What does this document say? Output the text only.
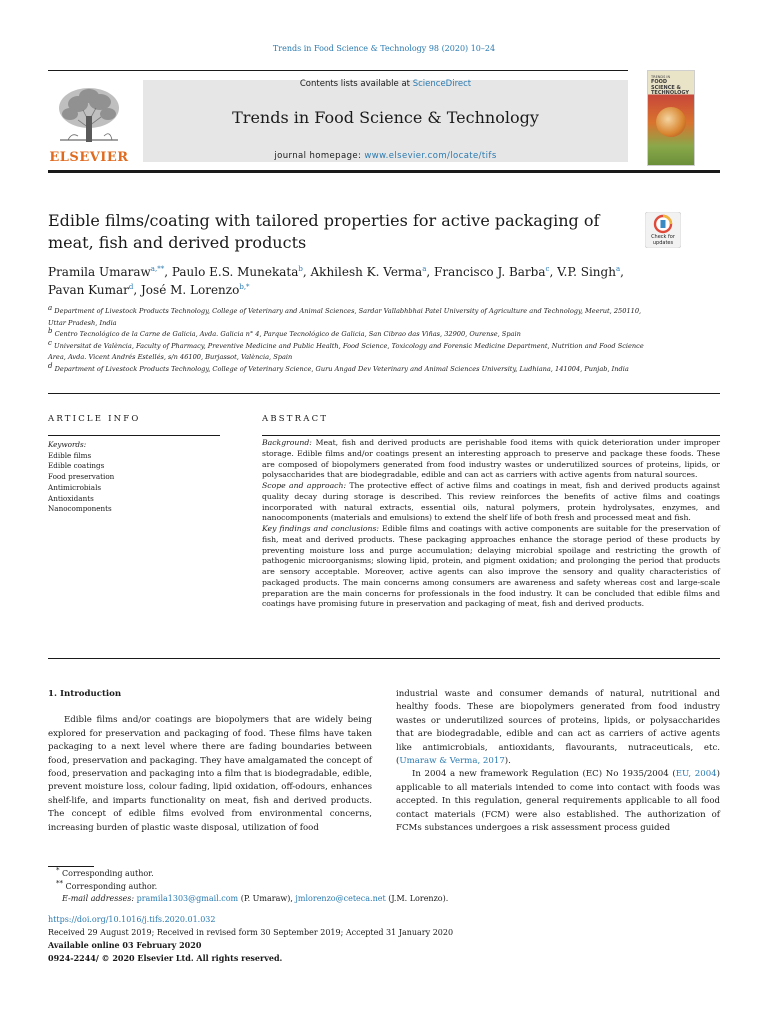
Trends in Food Science & Technology 98 (2020) 10–24
ELSEVIER
Contents lists available at ScienceDirect
Trends in Food Science & Technology
journal homepage: www.elsevier.com/locate/tifs
TRENDS IN
FOOD SCIENCE & TECHNOLOGY
Edible films/coating with tailored properties for active packaging of meat, fish and derived products	Check for updates
Pramila Umaraw$^{a,**}$, Paulo E.S. Munekata$^b$, Akhilesh K. Verma$^a$, Francisco J. Barba$^c$, V.P. Singh$^a$,
Pavan Kumar$^d$, José M. Lorenzo$^{b,*}$

$^a$ Department of Livestock Products Technology, College of Veterinary and Animal Sciences, Sardar Vallabhbhai Patel University of Agriculture and Technology, Meerut, 250110, Uttar Pradesh, India

$^b$ Centro Tecnológico de la Carne de Galicia, Avda. Galicia n° 4, Parque Tecnológico de Galicia, San Cibrao das Viñas, 32900, Ourense, Spain

$^c$ Universitat de València, Faculty of Pharmacy, Preventive Medicine and Public Health, Food Science, Toxicology and Forensic Medicine Department, Nutrition and Food Science Area, Avda. Vicent Andrés Estellés, s/n 46100, Burjassot, València, Spain

$^d$ Department of Livestock Products Technology, College of Veterinary Science, Guru Angad Dev Veterinary and Animal Sciences University, Ludhiana, 141004, Punjab, India

ARTICLE INFO	ABSTRACT
Keywords:
Edible films
Edible coatings
Food preservation
Antimicrobials
Antioxidants
Nanocomponents

Background: Meat, fish and derived products are perishable food items with quick deterioration under improper storage. Edible films and/or coatings present an interesting approach to preserve and package these foods. These are composed of biopolymers generated from food industry wastes or underutilized sources of proteins, lipids, or polysaccharides that are biodegradable, edible and can act as carriers with active agents from natural sources.

Scope and approach: The protective effect of active films and coatings in meat, fish and derived products against quality decay during storage is described. This review reinforces the benefits of active films and coatings incorporated with natural extracts, essential oils, natural polymers, protein hydrolysates, enzymes, and nanocomponents (materials and emulsions) to extend the shelf life of both fresh and processed meat and fish.

Key findings and conclusions: Edible films and coatings with active components are suitable for the preservation of fish, meat and derived products. These packaging approaches enhance the storage period of these products by preventing moisture loss and purge accumulation; delaying microbial spoilage and restricting the growth of pathogenic microorganisms; slowing lipid, protein, and pigment oxidation; and prolonging the period that products are sensory acceptable. Moreover, active agents can also improve the sensory and quality characteristics of packaged products. The main concerns among consumers are awareness and safety whereas cost and large-scale preparation are the main concerns for professionals in the food industry. It can be concluded that edible films and coatings have promising future in preservation and packaging of meat, fish and derived products.

1. Introduction

Edible films and/or coatings are biopolymers that are widely being explored for preservation and packaging of food. These films have taken packaging to a next level where there are fading boundaries between food, preservation and packaging. They have amalgamated the concept of food, preservation and packaging into a film that is biodegradable, edible, prevent moisture loss, colour fading, lipid oxidation, off-odours, enhances shelf-life, and imparts functionality on meat, fish and derived products. The concept of edible films evolved from environmental concerns, increasing burden of plastic waste disposal, utilization of food

industrial waste and consumer demands of natural, nutritional and healthy foods. These are biopolymers generated from food industry wastes or underutilized sources of proteins, lipids, or polysaccharides that are biodegradable, edible and can act as carriers of active agents like antimicrobials, antioxidants, flavourants, nutraceuticals, etc. (Umaraw & Verma, 2017).

In 2004 a new framework Regulation (EC) No 1935/2004 (EU, 2004) applicable to all materials intended to come into contact with foods was accepted. In this regulation, general requirements applicable to all food contact materials (FCM) were also established. The authorization of FCMs substances undergoes a risk assessment process guided

* Corresponding author.

** Corresponding author.

E-mail addresses: pramila1303@gmail.com (P. Umaraw), jmlorenzo@ceteca.net (J.M. Lorenzo).

https://doi.org/10.1016/j.tifs.2020.01.032

Received 29 August 2019; Received in revised form 30 September 2019; Accepted 31 January 2020

Available online 03 February 2020

0924-2244/ © 2020 Elsevier Ltd. All rights reserved.
